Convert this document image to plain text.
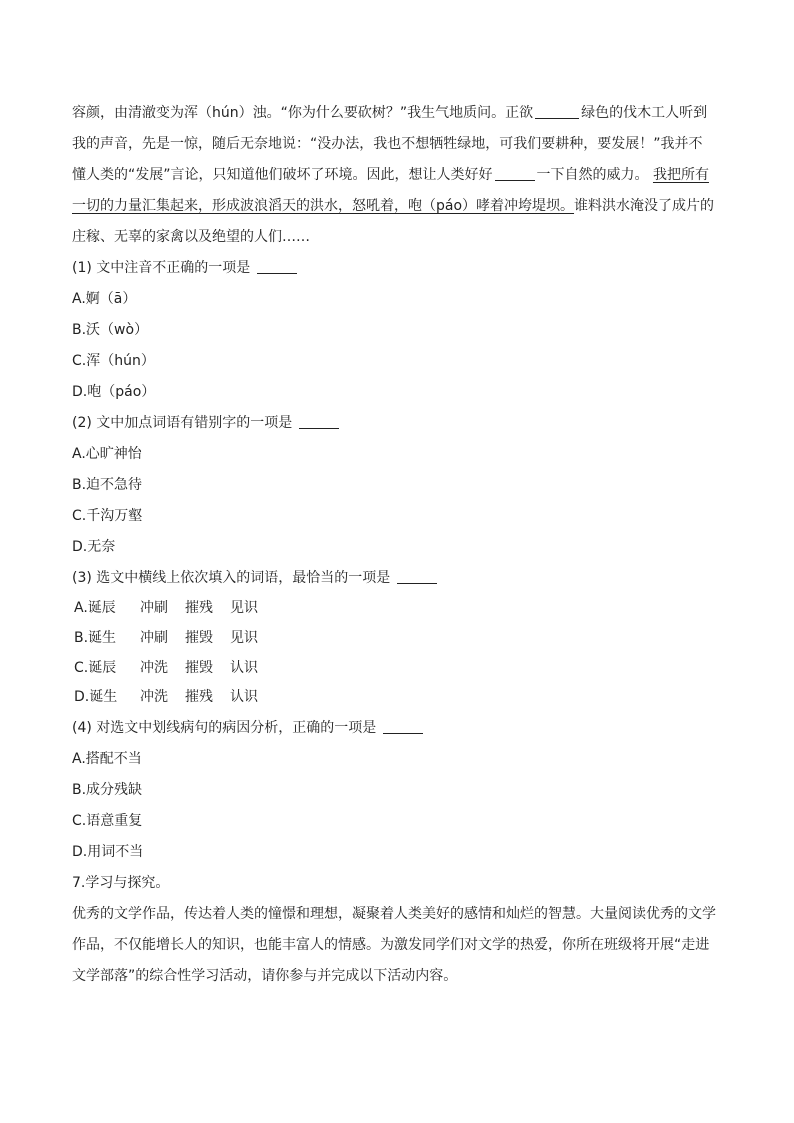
容颜，由清澈变为浑（hún）浊。“你为什么要砍树？”我生气地质问。正欲	绿色的伐木工人听到

我的声音，先是一惊，随后无奈地说：“没办法，我也不想牺牲绿地，可我们要耕种，要发展！”我并不

懂人类的“发展”言论，只知道他们破坏了环境。因此，想让人类好好	一下自然的威力。 我把所有

一切的力量汇集起来，形成波浪滔天的洪水，怒吼着，咆（páo）哮着冲垮堤坝。谁料洪水淹没了成片的

庄稼、无辜的家禽以及绝望的人们……

(1) 文中注音不正确的一项是

A.婀（ā）

B.沃（wò）

C.浑（hún）

D.咆（páo）

(2) 文中加点词语有错别字的一项是

A.心旷神怡

B.迫不急待

C.千沟万壑

D.无奈

(3) 选文中横线上依次填入的词语，最恰当的一项是

A.诞辰 冲刷 摧残 见识

B.诞生 冲刷 摧毁 见识

C.诞辰 冲洗 摧毁 认识

D.诞生 冲洗 摧残 认识

(4) 对选文中划线病句的病因分析，正确的一项是

A.搭配不当

B.成分残缺

C.语意重复

D.用词不当

7.学习与探究。

优秀的文学作品，传达着人类的憧憬和理想，凝聚着人类美好的感情和灿烂的智慧。大量阅读优秀的文学

作品，不仅能增长人的知识，也能丰富人的情感。为激发同学们对文学的热爱，你所在班级将开展“走进

文学部落”的综合性学习活动，请你参与并完成以下活动内容。
